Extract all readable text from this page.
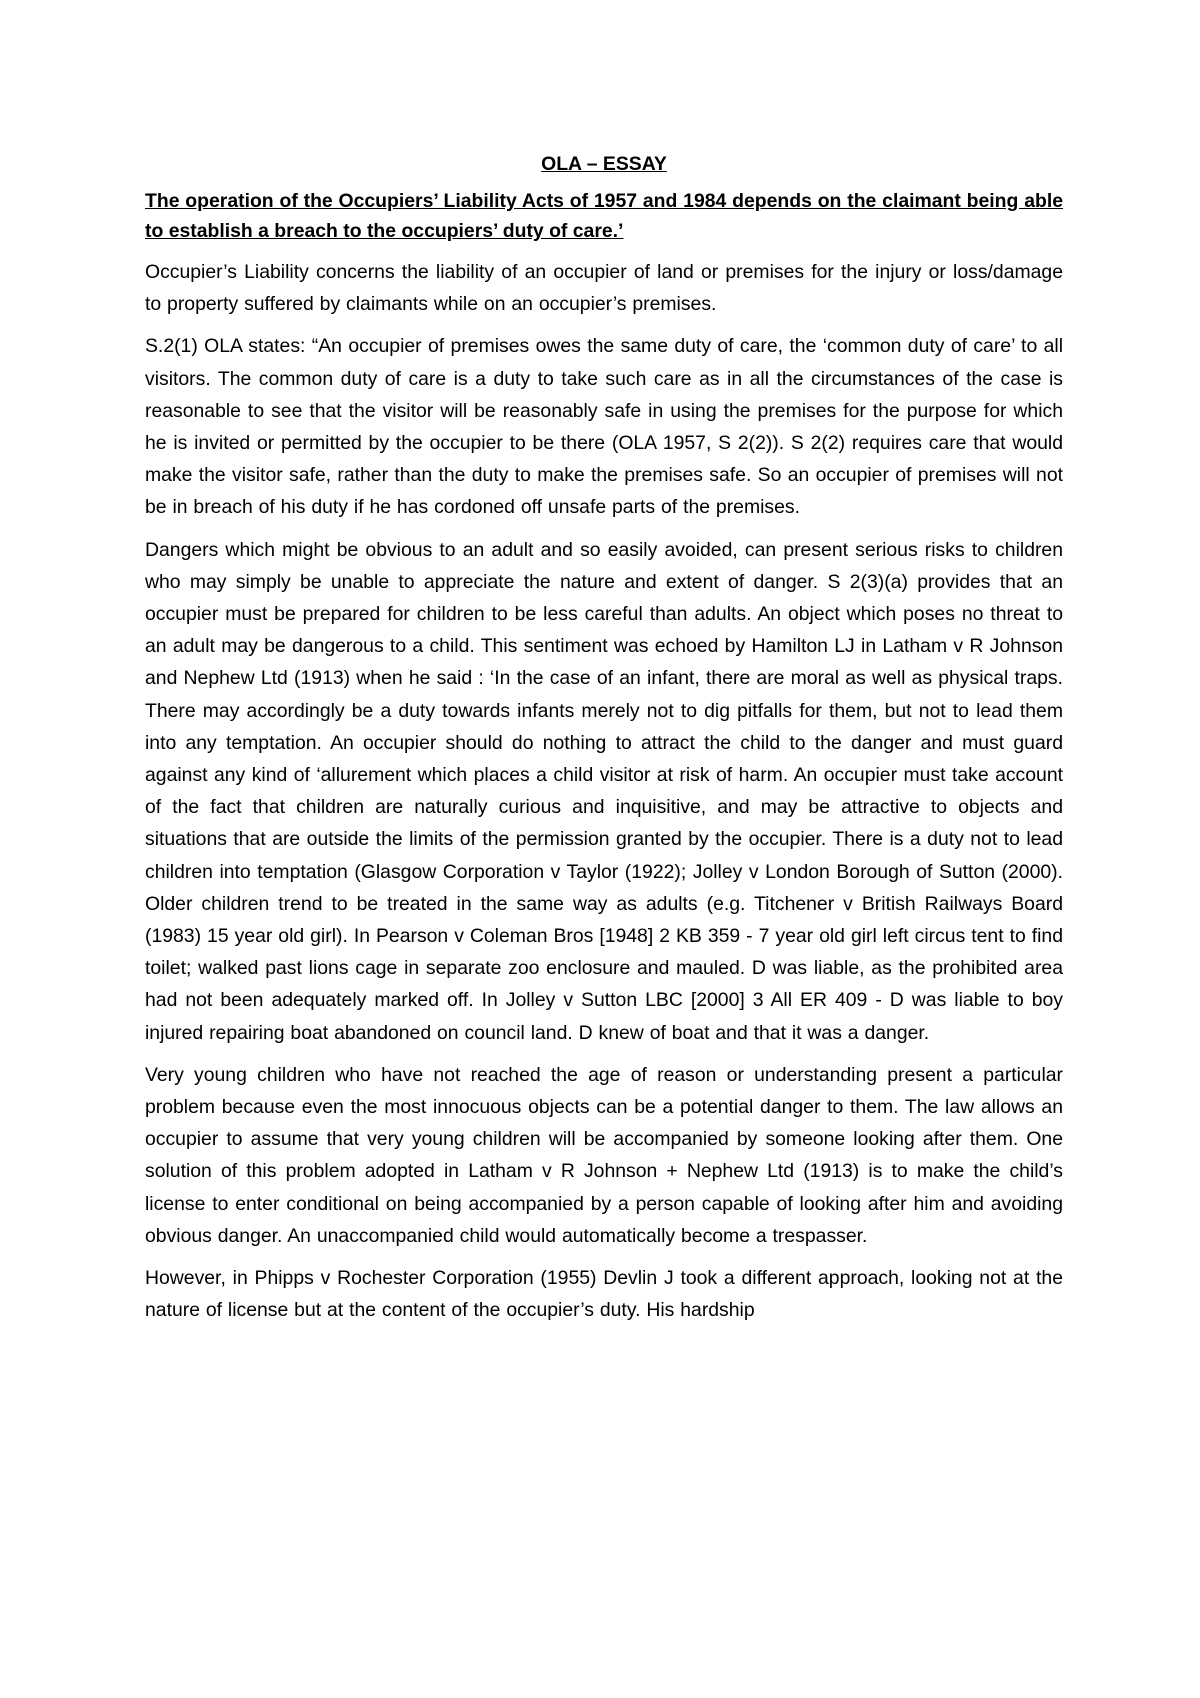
OLA – ESSAY
The operation of the Occupiers’ Liability Acts of 1957 and 1984 depends on the claimant being able to establish a breach to the occupiers’ duty of care.’

Occupier’s Liability concerns the liability of an occupier of land or premises for the injury or loss/damage to property suffered by claimants while on an occupier’s premises.

S.2(1) OLA states: “An occupier of premises owes the same duty of care, the ‘common duty of care’ to all visitors. The common duty of care is a duty to take such care as in all the circumstances of the case is reasonable to see that the visitor will be reasonably safe in using the premises for the purpose for which he is invited or permitted by the occupier to be there (OLA 1957, S 2(2)). S 2(2) requires care that would make the visitor safe, rather than the duty to make the premises safe. So an occupier of premises will not be in breach of his duty if he has cordoned off unsafe parts of the premises.

Dangers which might be obvious to an adult and so easily avoided, can present serious risks to children who may simply be unable to appreciate the nature and extent of danger. S 2(3)(a) provides that an occupier must be prepared for children to be less careful than adults. An object which poses no threat to an adult may be dangerous to a child. This sentiment was echoed by Hamilton LJ in Latham v R Johnson and Nephew Ltd (1913) when he said : ‘In the case of an infant, there are moral as well as physical traps. There may accordingly be a duty towards infants merely not to dig pitfalls for them, but not to lead them into any temptation. An occupier should do nothing to attract the child to the danger and must guard against any kind of ‘allurement which places a child visitor at risk of harm. An occupier must take account of the fact that children are naturally curious and inquisitive, and may be attractive to objects and situations that are outside the limits of the permission granted by the occupier. There is a duty not to lead children into temptation (Glasgow Corporation v Taylor (1922); Jolley v London Borough of Sutton (2000). Older children trend to be treated in the same way as adults (e.g. Titchener v British Railways Board (1983) 15 year old girl). In Pearson v Coleman Bros [1948] 2 KB 359 - 7 year old girl left circus tent to find toilet; walked past lions cage in separate zoo enclosure and mauled. D was liable, as the prohibited area had not been adequately marked off. In Jolley v Sutton LBC [2000] 3 All ER 409 - D was liable to boy injured repairing boat abandoned on council land. D knew of boat and that it was a danger.

Very young children who have not reached the age of reason or understanding present a particular problem because even the most innocuous objects can be a potential danger to them. The law allows an occupier to assume that very young children will be accompanied by someone looking after them. One solution of this problem adopted in Latham v R Johnson + Nephew Ltd (1913) is to make the child’s license to enter conditional on being accompanied by a person capable of looking after him and avoiding obvious danger. An unaccompanied child would automatically become a trespasser.

However, in Phipps v Rochester Corporation (1955) Devlin J took a different approach, looking not at the nature of license but at the content of the occupier’s duty. His hardship
